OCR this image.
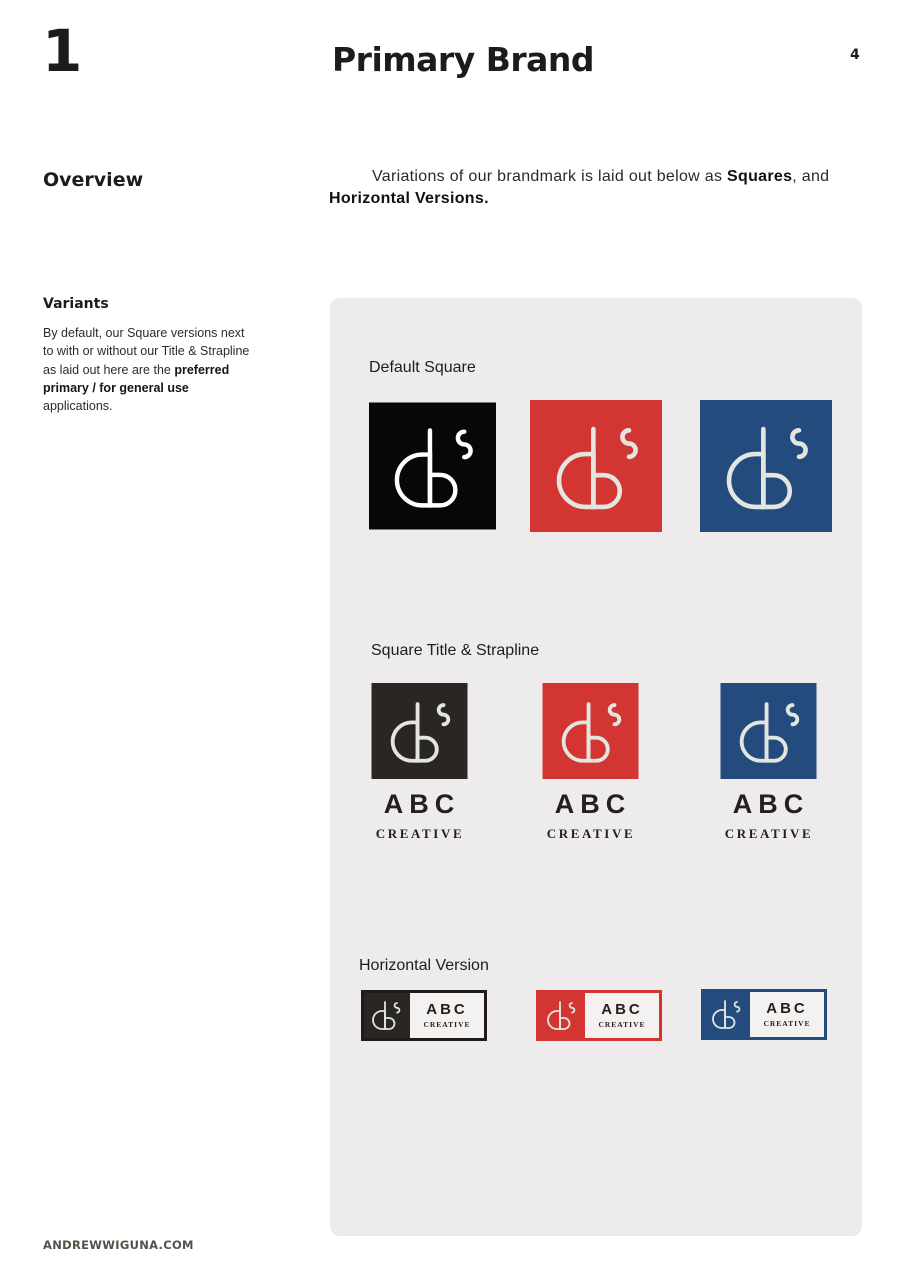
1	Primary Brand	4
Overview	Variations of our brandmark is laid out below as Squares, and Horizontal Versions.
Variants
By default, our Square versions next to with or without our Title & Strapline as laid out here are the preferred primary / for general use applications.
Default Square
Square Title & Strapline
ABC
CREATIVE
ABC
CREATIVE
ABC
CREATIVE
Horizontal Version
ABC
CREATIVE
ABC
CREATIVE
ABC
CREATIVE
ANDREWWIGUNA.COM
